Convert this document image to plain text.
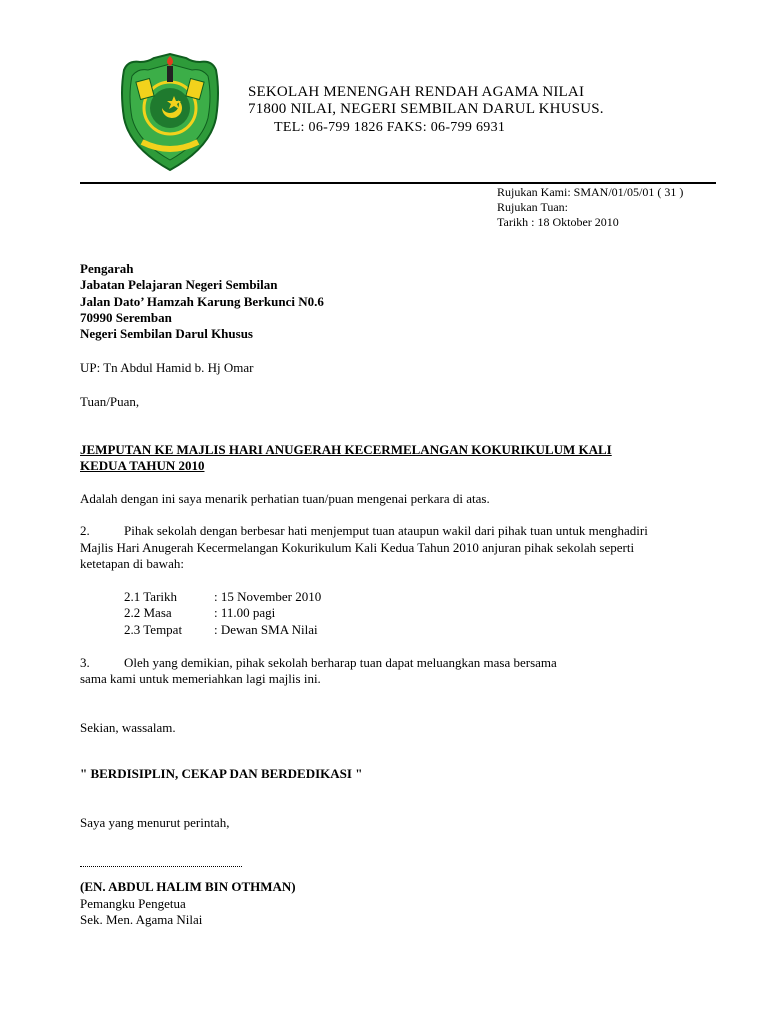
SEKOLAH MENENGAH RENDAH AGAMA NILAI
71800 NILAI, NEGERI SEMBILAN DARUL KHUSUS.
TEL: 06-799 1826 FAKS: 06-799 6931
Rujukan Kami: SMAN/01/05/01 ( 31 )
Rujukan Tuan:
Tarikh : 18 Oktober 2010
Pengarah
Jabatan Pelajaran Negeri Sembilan
Jalan Dato’ Hamzah Karung Berkunci N0.6
70990 Seremban
Negeri Sembilan Darul Khusus
UP: Tn Abdul Hamid b. Hj Omar
Tuan/Puan,
JEMPUTAN KE MAJLIS HARI ANUGERAH KECERMELANGAN KOKURIKULUM KALI
KEDUA TAHUN 2010
Adalah dengan ini saya menarik perhatian tuan/puan mengenai perkara di atas.
2.	Pihak sekolah dengan berbesar hati menjemput tuan ataupun wakil dari pihak tuan untuk menghadiri
Majlis Hari Anugerah Kecermelangan Kokurikulum Kali Kedua Tahun 2010 anjuran pihak sekolah seperti
ketetapan di bawah:
2.1 Tarikh	: 15 November 2010
2.2 Masa	: 11.00 pagi
2.3 Tempat : Dewan SMA Nilai
3.	Oleh yang demikian, pihak sekolah berharap tuan dapat meluangkan masa bersama
sama kami untuk memeriahkan lagi majlis ini.
Sekian, wassalam.
" BERDISIPLIN, CEKAP DAN BERDEDIKASI "
Saya yang menurut perintah,
(EN. ABDUL HALIM BIN OTHMAN)
Pemangku Pengetua
Sek. Men. Agama Nilai
